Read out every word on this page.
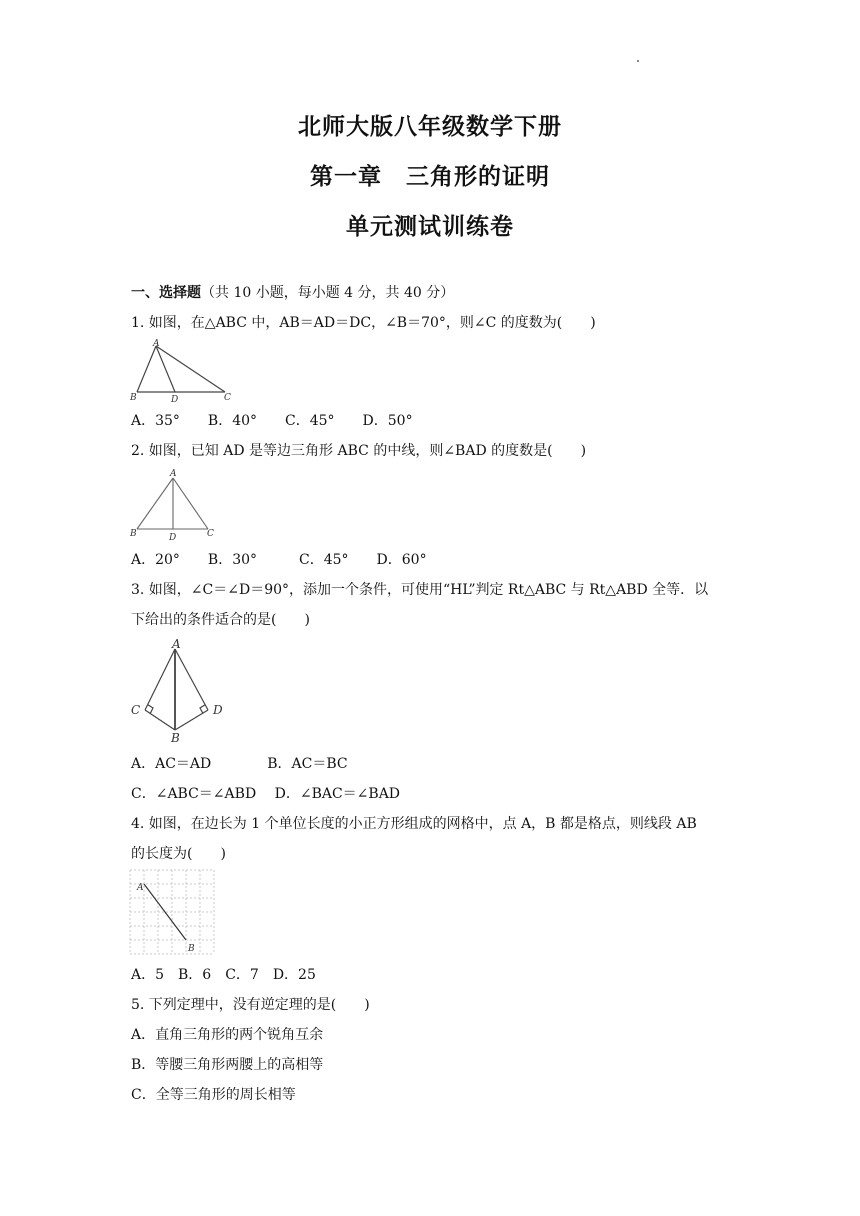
北师大版八年级数学下册
第一章　三角形的证明
单元测试训练卷
一、选择题（共 10 小题，每小题 4 分，共 40 分）
1. 如图，在△ABC 中，AB＝AD＝DC，∠B＝70°，则∠C 的度数为(　　)
A
B	D	C
A．35°　　B．40°　　C．45°　　D．50°
2. 如图，已知 AD 是等边三角形 ABC 的中线，则∠BAD 的度数是(　　)
A
B	D	C
A．20°　　B．30°　　　C．45°　　D．60°
3. 如图，∠C＝∠D＝90°，添加一个条件，可使用“HL”判定 Rt△ABC 与 Rt△ABD 全等．以
下给出的条件适合的是(　　)
A
C	D
B
A．AC＝AD　　　　B．AC＝BC
C．∠ABC＝∠ABD　 D．∠BAC＝∠BAD
4. 如图，在边长为 1 个单位长度的小正方形组成的网格中，点 A，B 都是格点，则线段 AB
的长度为(　　)
A
B
A．5　B．6　C．7　D．25
5. 下列定理中，没有逆定理的是(　　)
A．直角三角形的两个锐角互余
B．等腰三角形两腰上的高相等
C．全等三角形的周长相等
